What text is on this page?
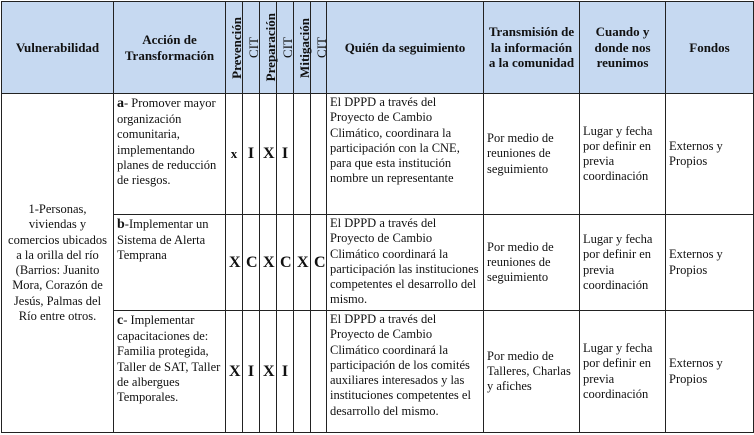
Vulnerabilidad	Acción de Transformación	Prevención	CIT	Preparación	CIT	Mitigación	CIT	Quién da seguimiento	Transmisión de la información a la comunidad	Cuando y donde nos reunimos	Fondos
1-Personas, viviendas y comercios ubicados a la orilla del río (Barrios: Juanito Mora, Corazón de Jesús, Palmas del Río entre otros.	a- Promover mayor organización comunitaria, implementando planes de reducción de riesgos.	x	I	X	I			El DPPD a través del Proyecto de Cambio Climático, coordinara la participación con la CNE, para que esta institución nombre un representante	Por medio de reuniones de seguimiento	Lugar y fecha por definir en previa coordinación	Externos y Propios
	b-Implementar un Sistema de Alerta Temprana	X	C	X	C	X	C	El DPPD a través del Proyecto de Cambio Climático coordinará la participación las instituciones competentes el desarrollo del mismo.	Por medio de reuniones de seguimiento	Lugar y fecha por definir en previa coordinación	Externos y Propios
	c- Implementar capacitaciones de: Familia protegida, Taller de SAT, Taller de albergues Temporales.	X	I	X	I			El DPPD a través del Proyecto de Cambio Climático coordinará la participación de los comités auxiliares interesados y las instituciones competentes el desarrollo del mismo.	Por medio de Talleres, Charlas y afiches	Lugar y fecha por definir en previa coordinación	Externos y Propios
